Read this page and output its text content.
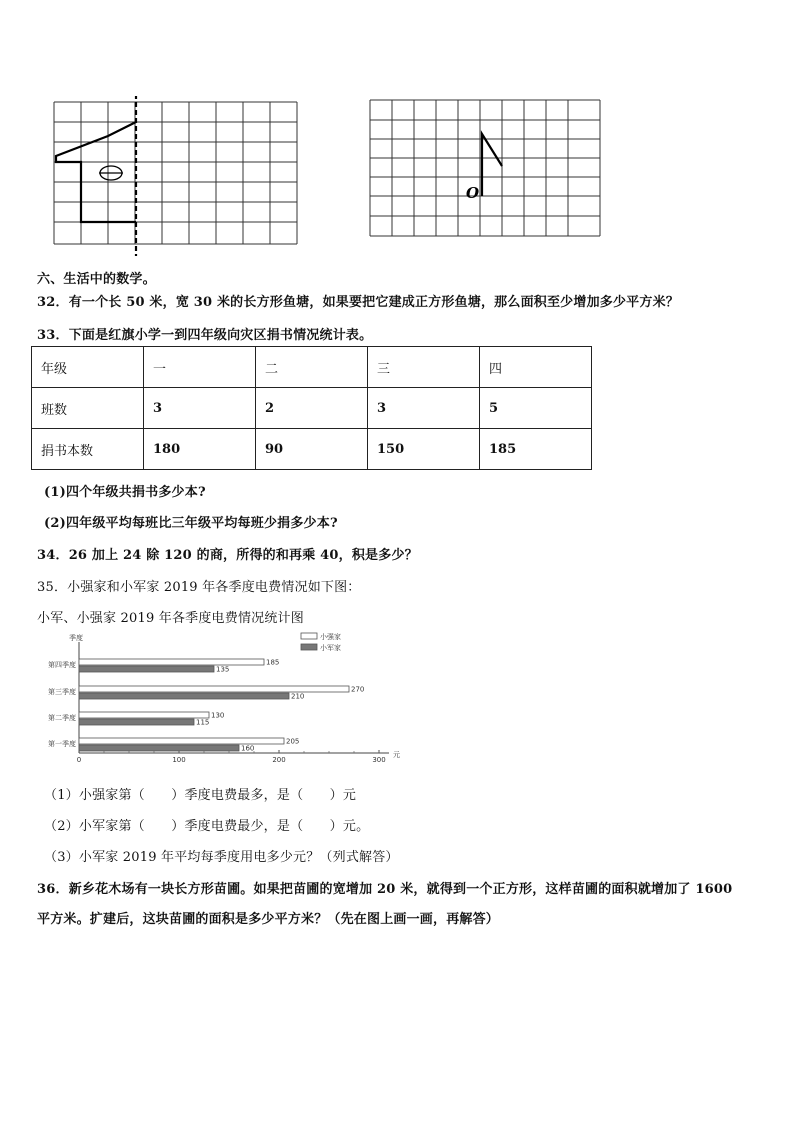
O
六、生活中的数学。
32．有一个长 50 米，宽 30 米的长方形鱼塘，如果要把它建成正方形鱼塘，那么面积至少增加多少平方米？
33．下面是红旗小学一到四年级向灾区捐书情况统计表。
年级	一	二	三	四
班数	3	2	3	5
捐书本数	180	90	150	185
(1)四个年级共捐书多少本?
(2)四年级平均每班比三年级平均每班少捐多少本?
34．26 加上 24 除 120 的商，所得的和再乘 40，积是多少？
35．小强家和小军家 2019 年各季度电费情况如下图：
小军、小强家 2019 年各季度电费情况统计图
季度
元
0	100	200	300
第四季度	185
135
第三季度	270
210
第二季度	130
115
第一季度	205
160
小强家
小军家
（1）小强家第（　　）季度电费最多，是（　　）元
（2）小军家第（　　）季度电费最少，是（　　）元。
（3）小军家 2019 年平均每季度用电多少元？（列式解答）
36．新乡花木场有一块长方形苗圃。如果把苗圃的宽增加 20 米，就得到一个正方形，这样苗圃的面积就增加了 1600
平方米。扩建后，这块苗圃的面积是多少平方米？（先在图上画一画，再解答）
